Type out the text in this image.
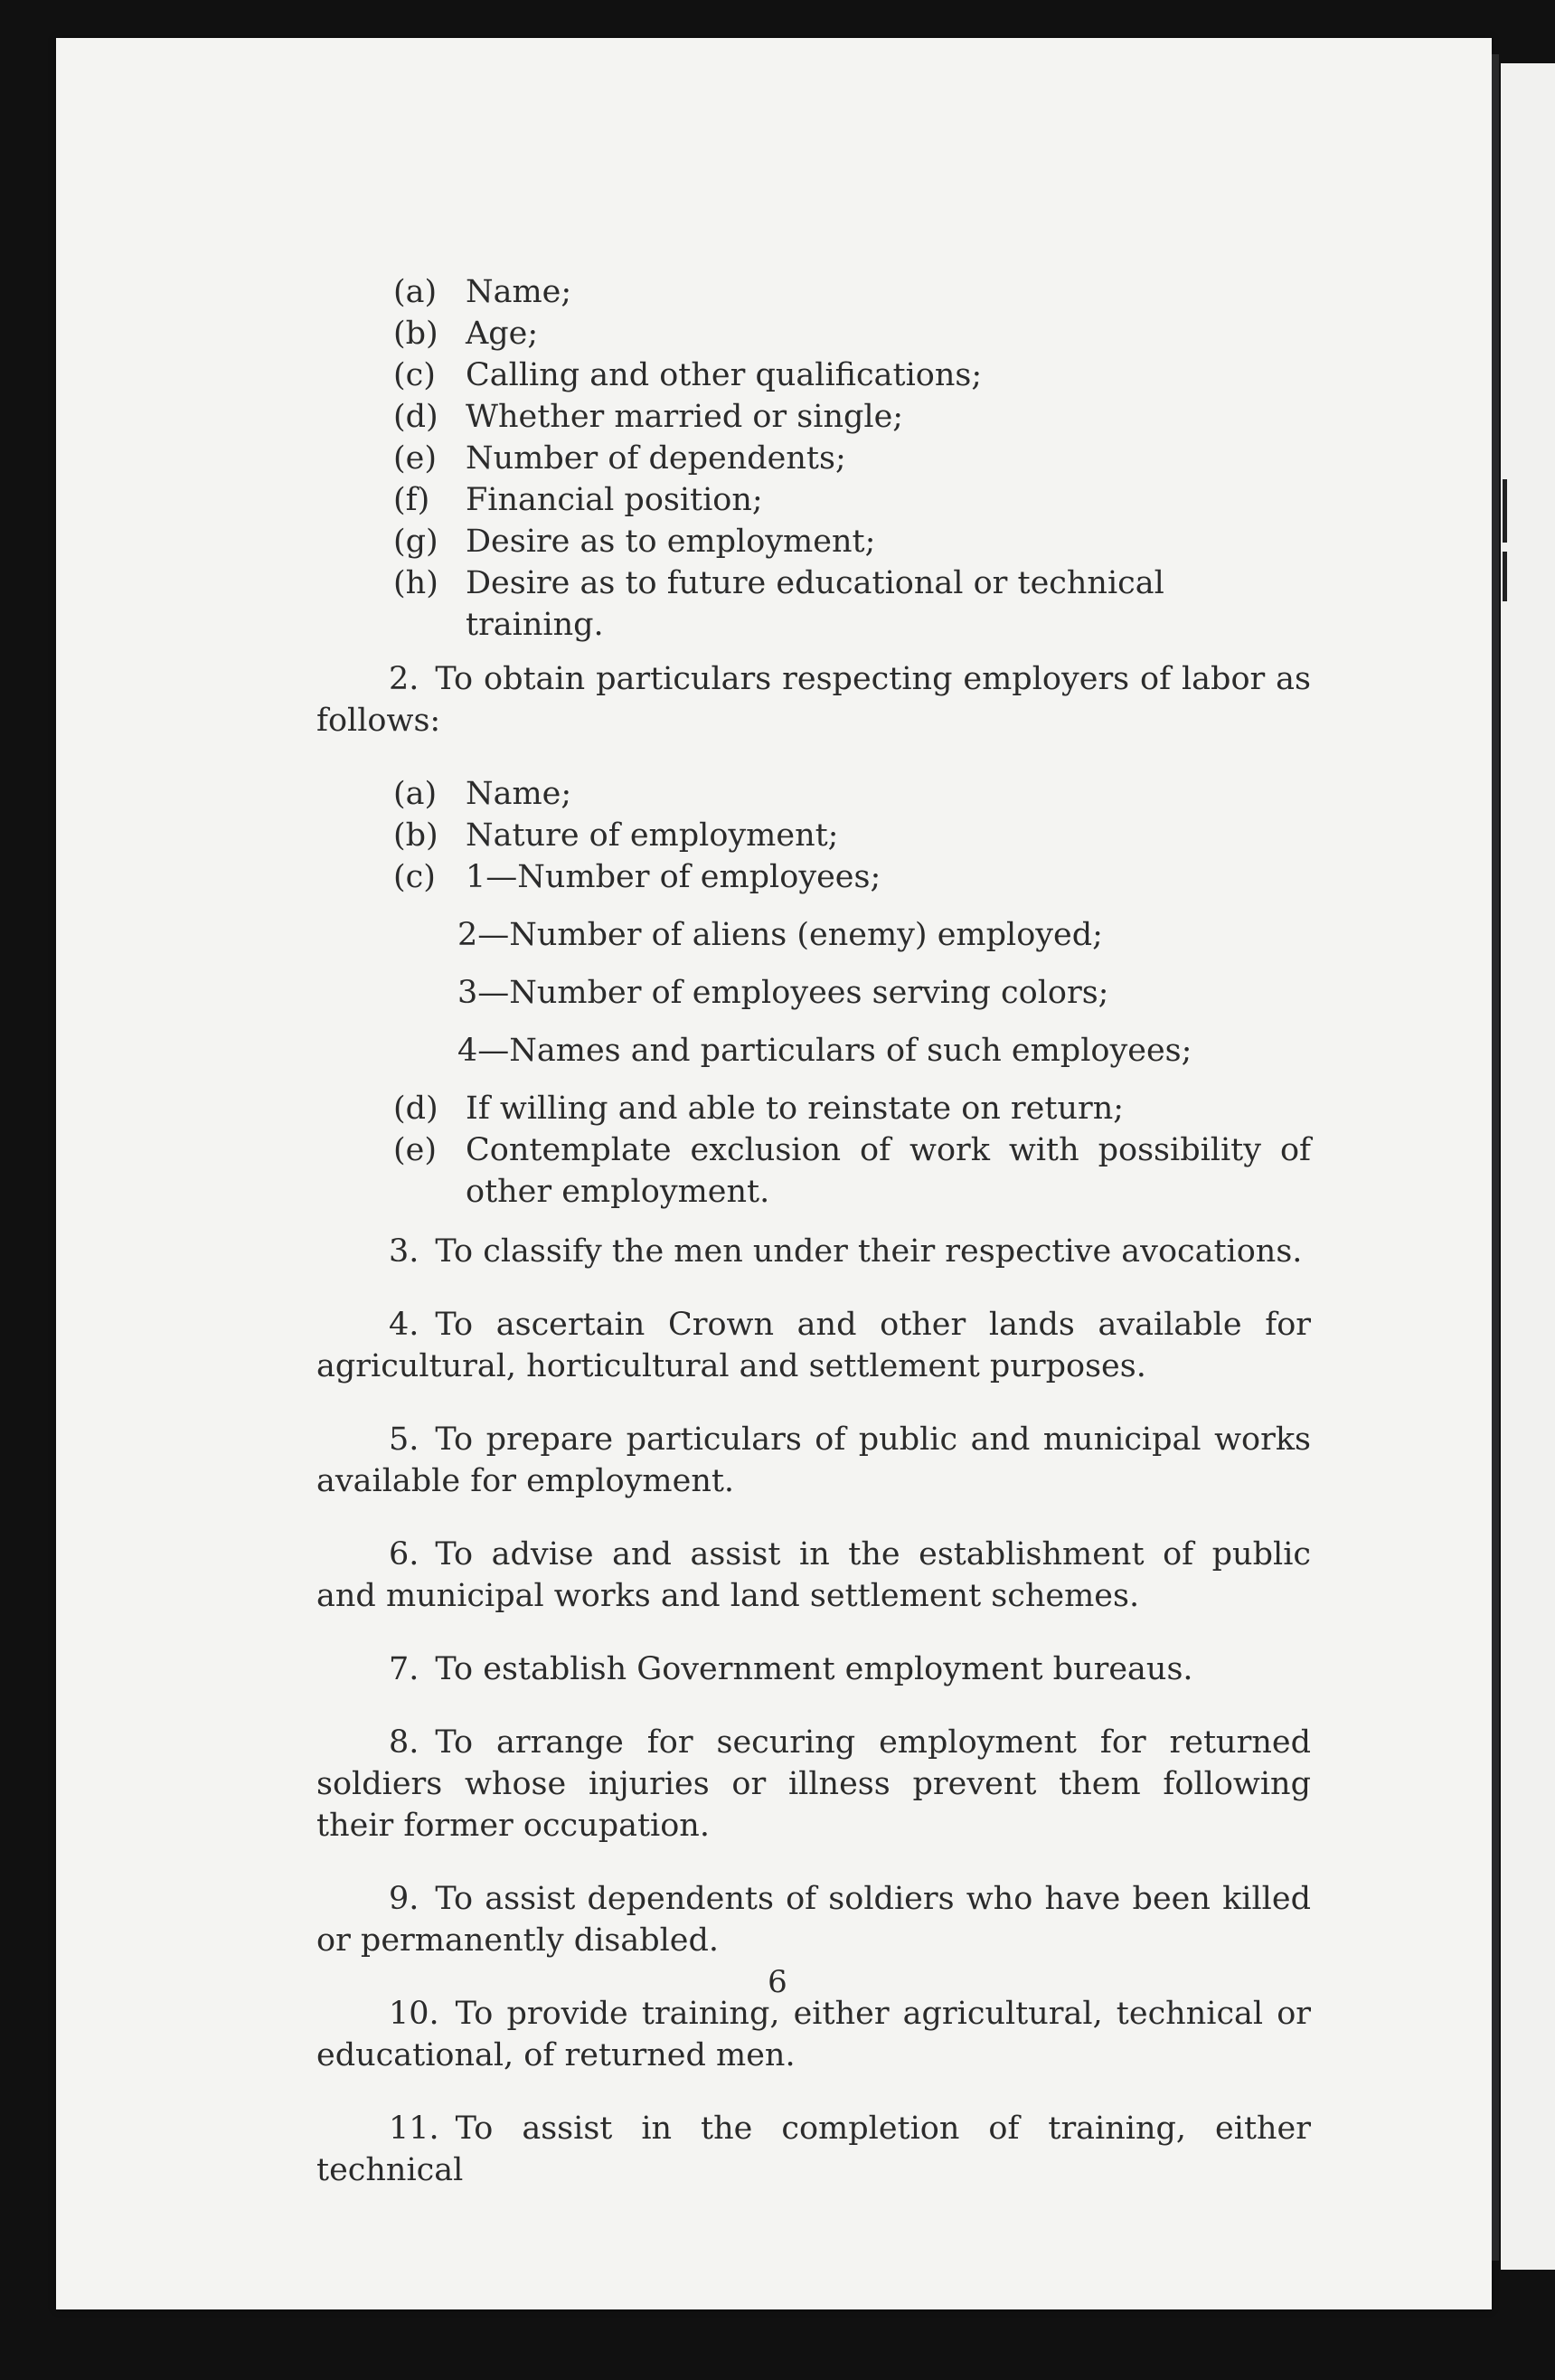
(a) Name;
(b) Age;
(c) Calling and other qualifications;
(d) Whether married or single;
(e) Number of dependents;
(f)	Financial position;
(g) Desire as to employment;
(h) Desire as to future educational or technical training.

2. To obtain particulars respecting employers of labor as follows:

(a) Name;
(b) Nature of employment;
(c) 1—Number of employees;
2—Number of aliens (enemy) employed;
3—Number of employees serving colors;
4—Names and particulars of such employees;
(d) If willing and able to reinstate on return;
(e) Contemplate exclusion of work with possibility of other employment.

3. To classify the men under their respective avocations.

4. To ascertain Crown and other lands available for agricultural, horticultural and settlement purposes.

5. To prepare particulars of public and municipal works available for employment.

6. To advise and assist in the establishment of public and municipal works and land settlement schemes.

7. To establish Government employment bureaus.

8. To arrange for securing employment for returned soldiers whose injuries or illness prevent them following their former occupation.

9. To assist dependents of soldiers who have been killed or permanently disabled.

10. To provide training, either agricultural, technical or educational, of returned men.

11. To assist in the completion of training, either technical

6
